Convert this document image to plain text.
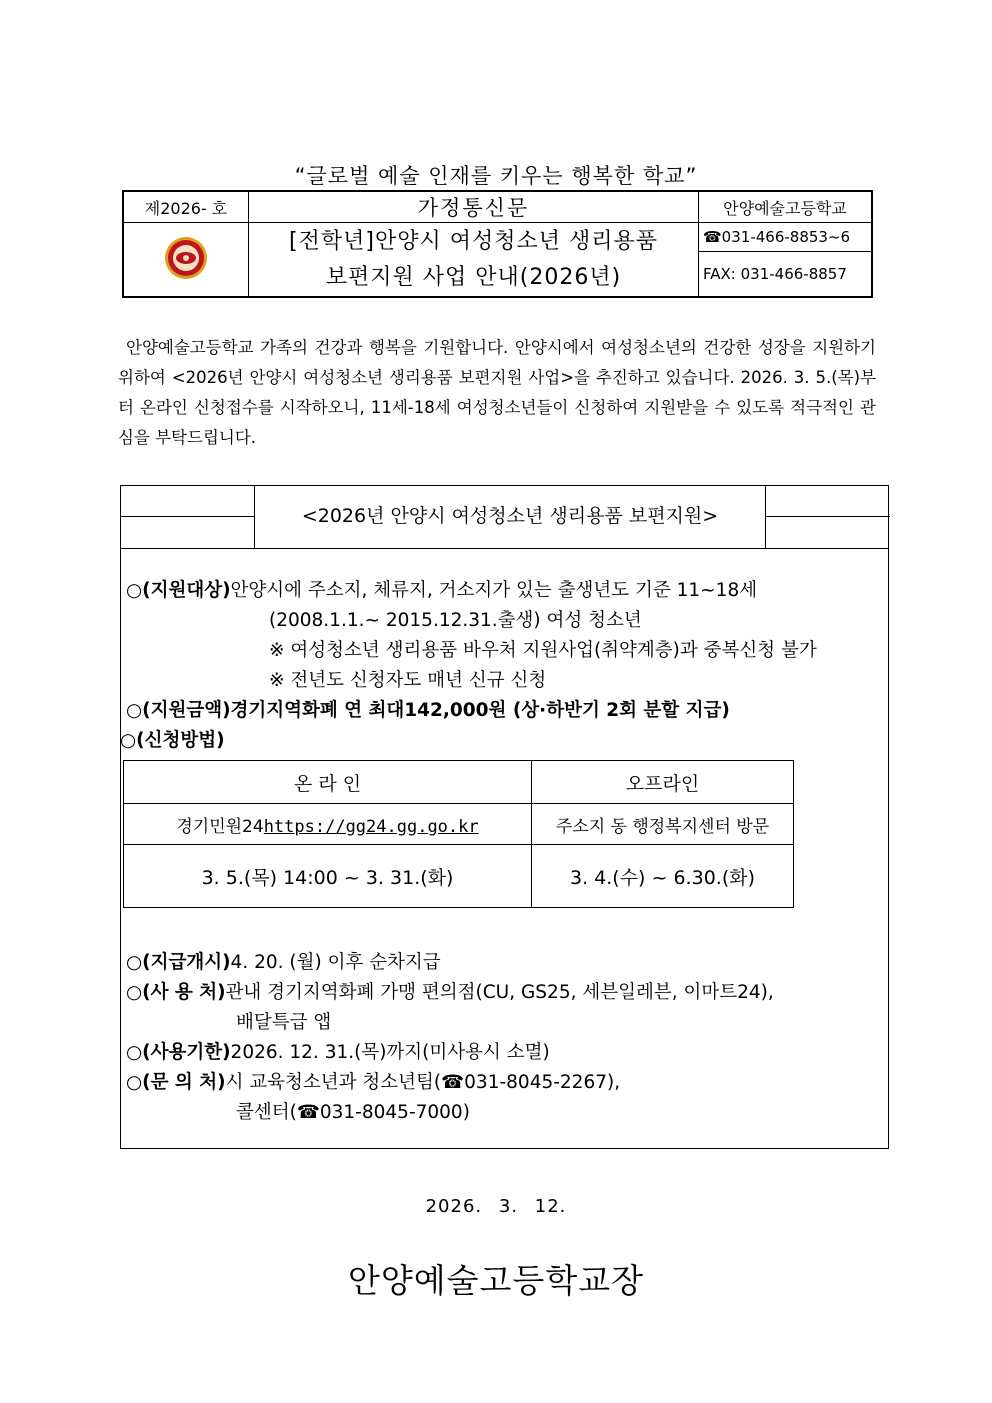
“글로벌 예술 인재를 키우는 행복한 학교”
제2026- 호	가정통신문	안양예술고등학교

[전학년]안양시 여성청소년 생리용품
보편지원 사업 안내(2026년)	☎031-466-8853~6
		FAX: 031-466-8857
안양예술고등학교 가족의 건강과 행복을 기원합니다. 안양시에서 여성청소년의 건강한 성장을 지원하기 위하여 <2026년 안양시 여성청소년 생리용품 보편지원 사업>을 추진하고 있습니다. 2026. 3. 5.(목)부터 온라인 신청접수를 시작하오니, 11세-18세 여성청소년들이 신청하여 지원받을 수 있도록 적극적인 관심을 부탁드립니다.
<2026년 안양시 여성청소년 생리용품 보편지원>
○(지원대상)안양시에 주소지, 체류지, 거소지가 있는 출생년도 기준 11~18세
(2008.1.1.~ 2015.12.31.출생) 여성 청소년
※ 여성청소년 생리용품 바우처 지원사업(취약계층)과 중복신청 불가
※ 전년도 신청자도 매년 신규 신청
○(지원금액)경기지역화폐 연 최대142,000원 (상·하반기 2회 분할 지급)
○(신청방법)
온 라 인	오프라인
경기민원24https://gg24.gg.go.kr	주소지 동 행정복지센터 방문
3. 5.(목) 14:00 ~ 3. 31.(화)	3. 4.(수) ~ 6.30.(화)
○(지급개시)4. 20. (월) 이후 순차지급
○(사 용 처)관내 경기지역화폐 가맹 편의점(CU, GS25, 세븐일레븐, 이마트24),
배달특급 앱
○(사용기한)2026. 12. 31.(목)까지(미사용시 소멸)
○(문 의 처)시 교육청소년과 청소년팀(☎031-8045-2267),
콜센터(☎031-8045-7000)
2026. 3. 12.
안양예술고등학교장
